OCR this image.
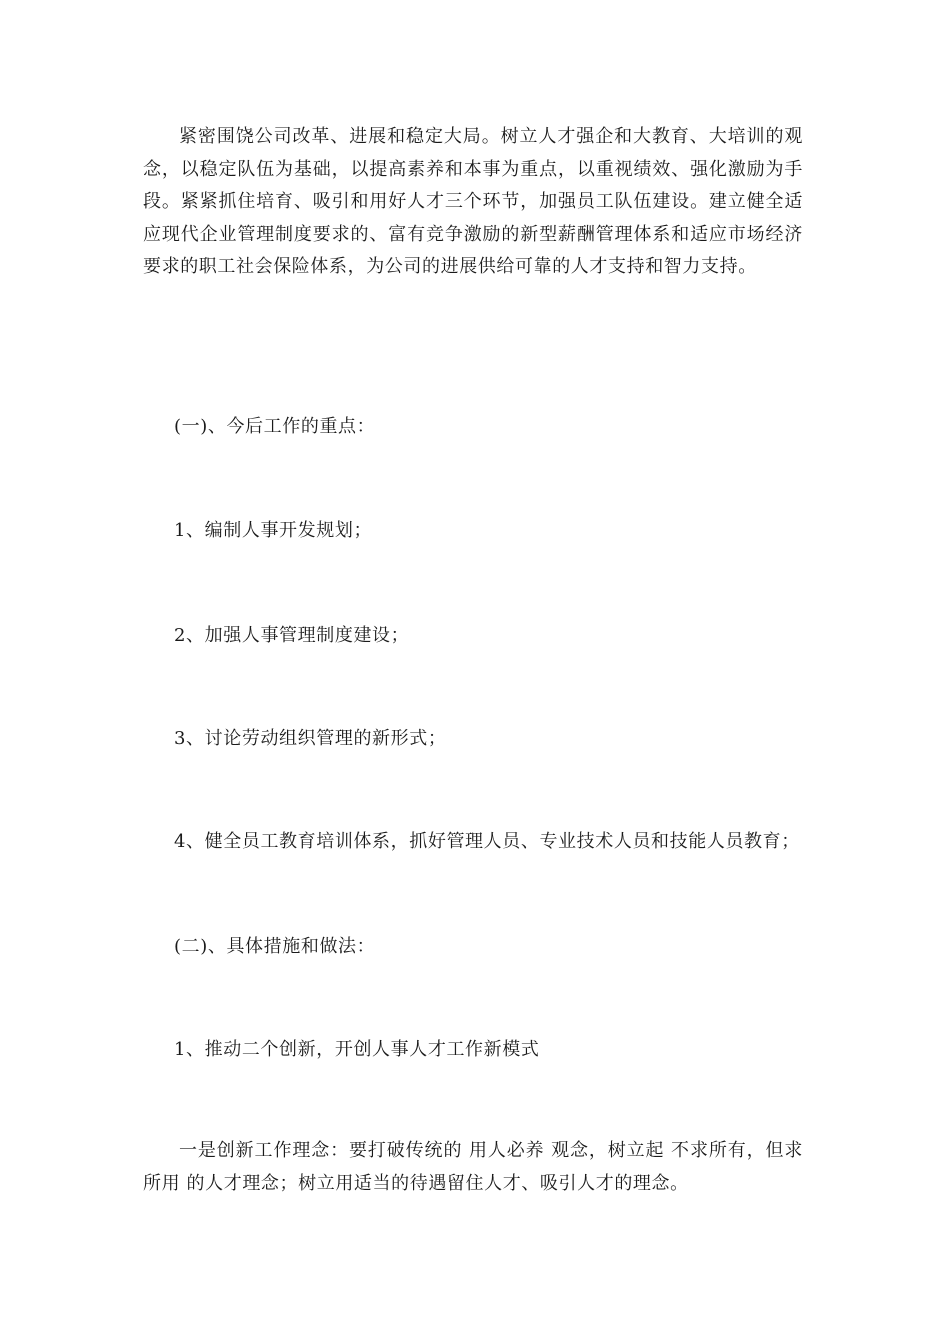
紧密围饶公司改革、进展和稳定大局。树立人才强企和大教育、大培训的观念，以稳定队伍为基础，以提高素养和本事为重点，以重视绩效、强化激励为手段。紧紧抓住培育、吸引和用好人才三个环节，加强员工队伍建设。建立健全适应现代企业管理制度要求的、富有竞争激励的新型薪酬管理体系和适应市场经济要求的职工社会保险体系，为公司的进展供给可靠的人才支持和智力支持。

(一)、今后工作的重点：

1、编制人事开发规划；

2、加强人事管理制度建设；

3、讨论劳动组织管理的新形式；

4、健全员工教育培训体系，抓好管理人员、专业技术人员和技能人员教育；

(二)、具体措施和做法：

1、推动二个创新，开创人事人才工作新模式

一是创新工作理念：要打破传统的 用人必养 观念，树立起 不求所有，但求所用 的人才理念；树立用适当的待遇留住人才、吸引人才的理念。
